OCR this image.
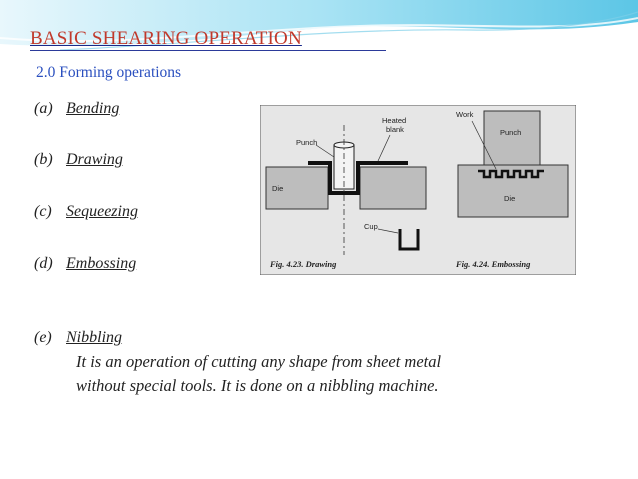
BASIC SHEARING OPERATION
2.0 Forming operations
(a) Bending
(b) Drawing
(c) Sequeezing
(d) Embossing
(e) Nibbling
It is an operation of cutting any shape from sheet metal
without special tools. It is done on a nibbling machine.
Punch
Heated
blank
Die
Cup
Work
Punch
Die
Fig. 4.23. Drawing	Fig. 4.24. Embossing
